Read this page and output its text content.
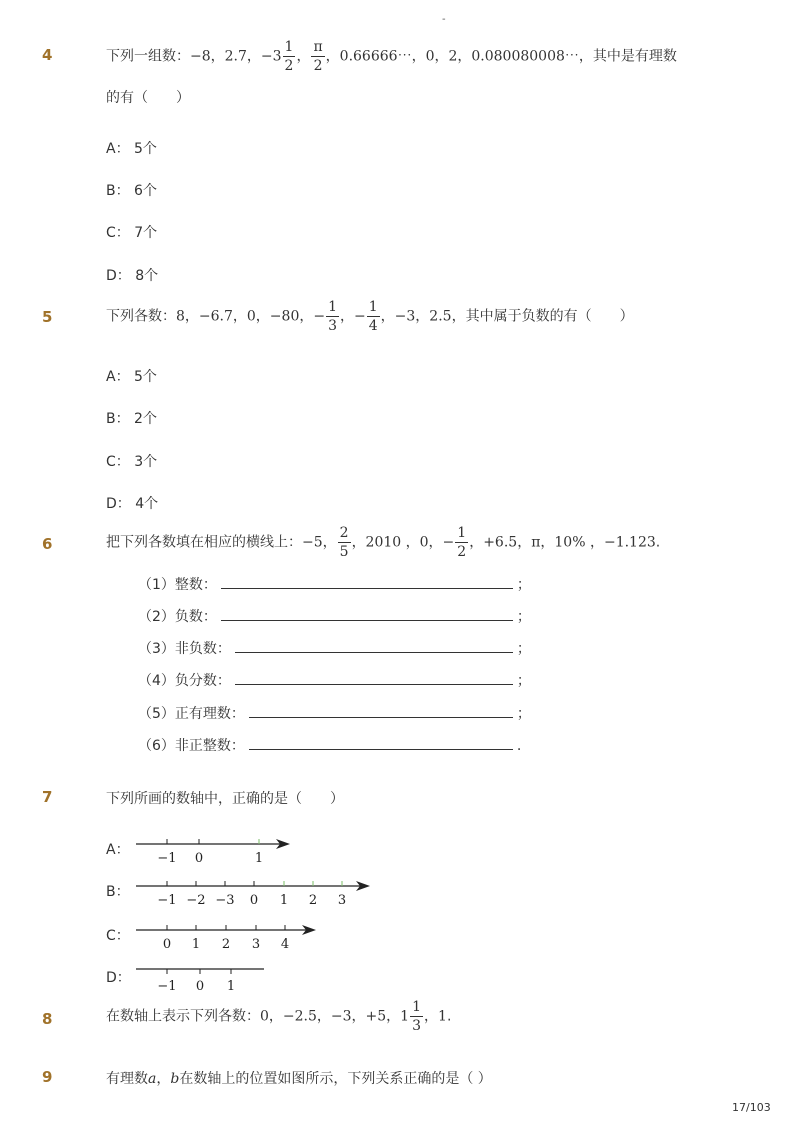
-
4	下列一组数：−8，2.7，$-3 \frac{1}{2}$ ， $\frac{\pi}{2}$ ，0.66666⋯，0，2，0.080080008⋯，其中是有理数
的有（　　）
A： 5个
B： 6个
C： 7个
D： 8个
5	下列各数：8，−6.7，0，−80，− $\frac{1}{3}$ ，− $\frac{1}{4}$ ，−3，2.5，其中属于负数的有（　　）
A： 5个
B： 2个
C： 3个
D： 4个
6	把下列各数填在相应的横线上：−5， $\frac{2}{5}$ ，2010 ，0，− $\frac{1}{2}$ ，+6.5，π，10% ，−1.123.
（1）整数：	；
（2）负数：	；
（3）非负数：	；
（4）负分数：	；
（5）正有理数：	；
（6）非正整数：	.
7	下列所画的数轴中，正确的是（　　）
A：
−1 0	1
B：
−1 −2 −3 0 1 2 3
C：
0 1 2 3 4
D：
−1 0 1
8	在数轴上表示下列各数：0，−2.5，−3，+5，$1 \frac{1}{3}$ ，1.
9	有理数a，b在数轴上的位置如图所示，下列关系正确的是（ ）
17/103
